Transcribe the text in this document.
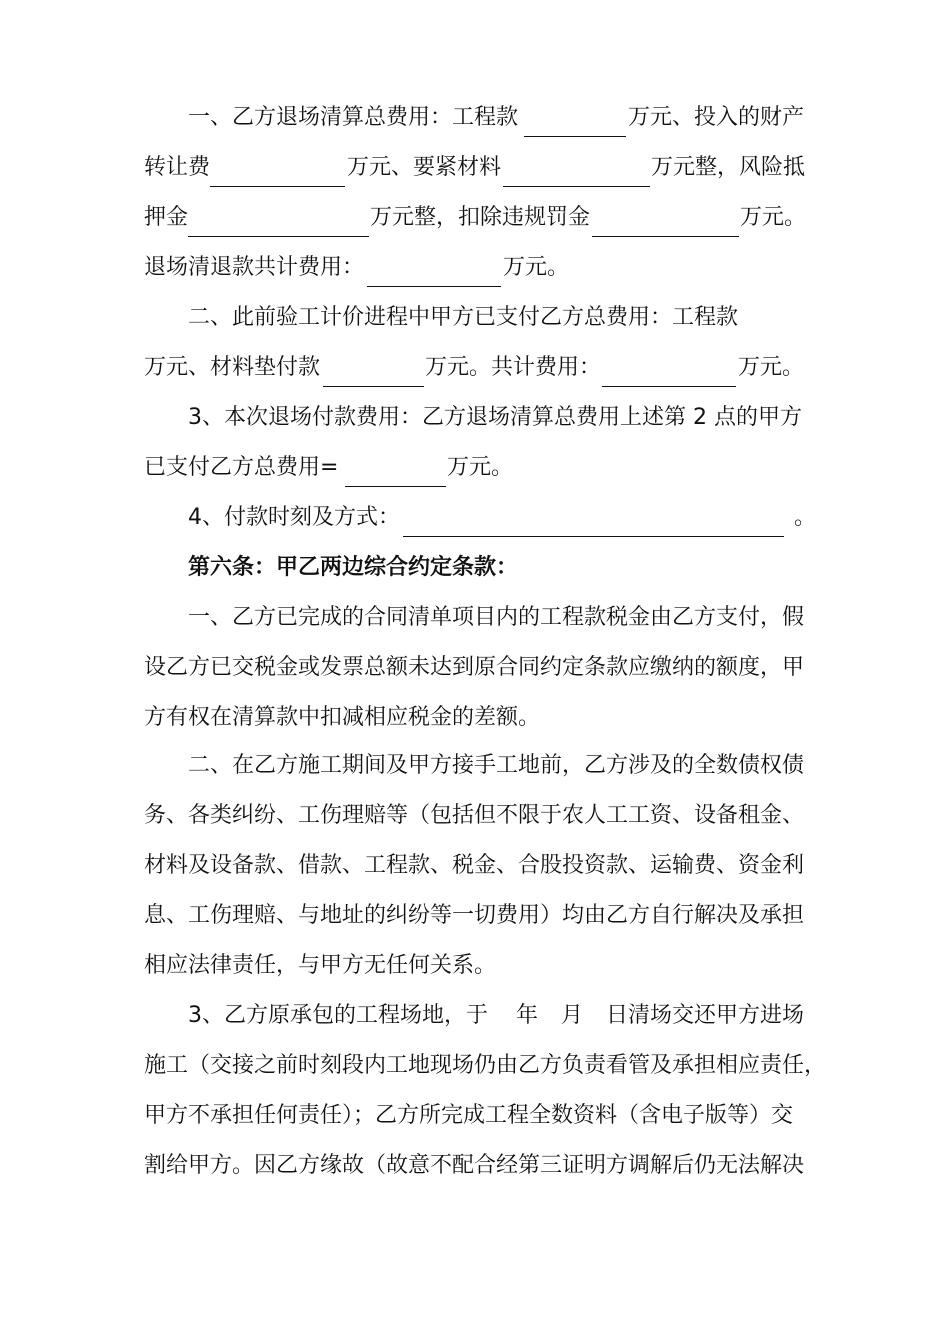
一、乙方退场清算总费用：工程款	万元、投入的财产
转让费	万元、要紧材料	万元整，风险抵
押金	万元整，扣除违规罚金	万元。
退场清退款共计费用：	万元。
二、此前验工计价进程中甲方已支付乙方总费用：工程款
万元、材料垫付款	万元。共计费用：	万元。
3、本次退场付款费用：乙方退场清算总费用上述第 2 点的甲方
已支付乙方总费用=	万元。
4、付款时刻及方式：	。
第六条：甲乙两边综合约定条款：
一、乙方已完成的合同清单项目内的工程款税金由乙方支付，假
设乙方已交税金或发票总额未达到原合同约定条款应缴纳的额度，甲
方有权在清算款中扣减相应税金的差额。
二、在乙方施工期间及甲方接手工地前，乙方涉及的全数债权债
务、各类纠纷、工伤理赔等（包括但不限于农人工工资、设备租金、
材料及设备款、借款、工程款、税金、合股投资款、运输费、资金利
息、工伤理赔、与地址的纠纷等一切费用）均由乙方自行解决及承担
相应法律责任，与甲方无任何关系。
3、乙方原承包的工程场地，于 年 月 日清场交还甲方进场
施工（交接之前时刻段内工地现场仍由乙方负责看管及承担相应责任，
甲方不承担任何责任）；乙方所完成工程全数资料（含电子版等）交
割给甲方。因乙方缘故（故意不配合经第三证明方调解后仍无法解决
